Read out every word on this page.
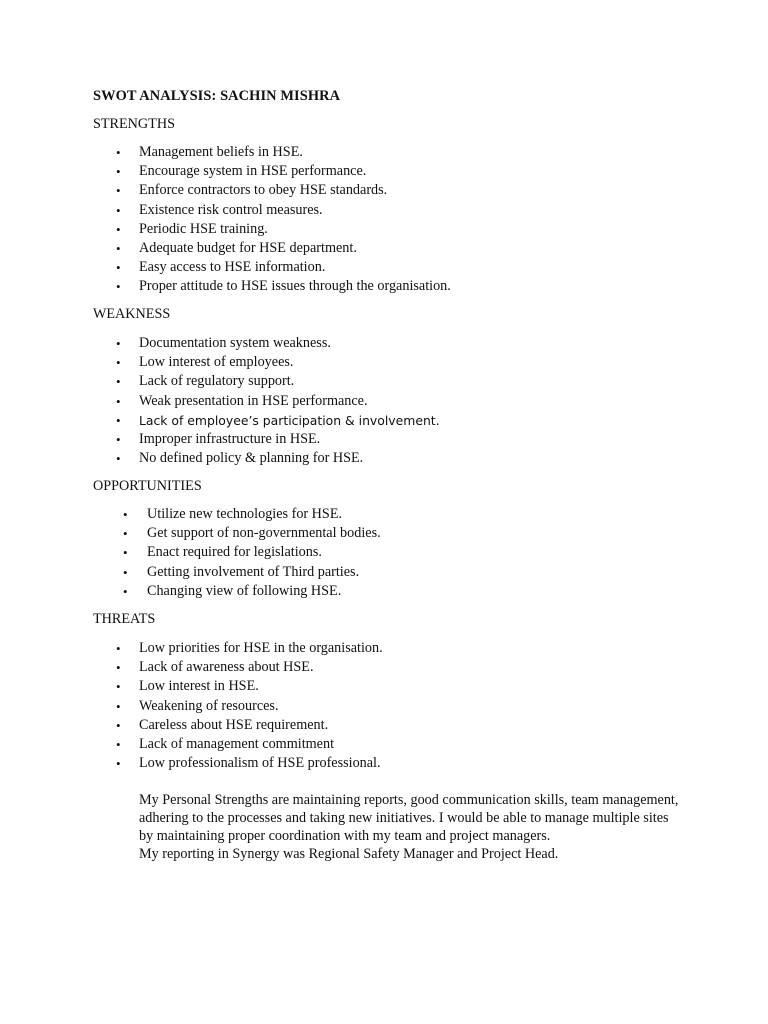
SWOT ANALYSIS: SACHIN MISHRA
STRENGTHS
• Management beliefs in HSE.
• Encourage system in HSE performance.
• Enforce contractors to obey HSE standards.
• Existence risk control measures.
• Periodic HSE training.
• Adequate budget for HSE department.
• Easy access to HSE information.
• Proper attitude to HSE issues through the organisation.
WEAKNESS
• Documentation system weakness.
• Low interest of employees.
• Lack of regulatory support.
• Weak presentation in HSE performance.
• Lack of employee’s participation & involvement.
• Improper infrastructure in HSE.
• No defined policy & planning for HSE.
OPPORTUNITIES
• Utilize new technologies for HSE.
• Get support of non-governmental bodies.
• Enact required for legislations.
• Getting involvement of Third parties.
• Changing view of following HSE.
THREATS
• Low priorities for HSE in the organisation.
• Lack of awareness about HSE.
• Low interest in HSE.
• Weakening of resources.
• Careless about HSE requirement.
• Lack of management commitment
• Low professionalism of HSE professional.

My Personal Strengths are maintaining reports, good communication skills, team management, adhering to the processes and taking new initiatives. I would be able to manage multiple sites by maintaining proper coordination with my team and project managers.

My reporting in Synergy was Regional Safety Manager and Project Head.
